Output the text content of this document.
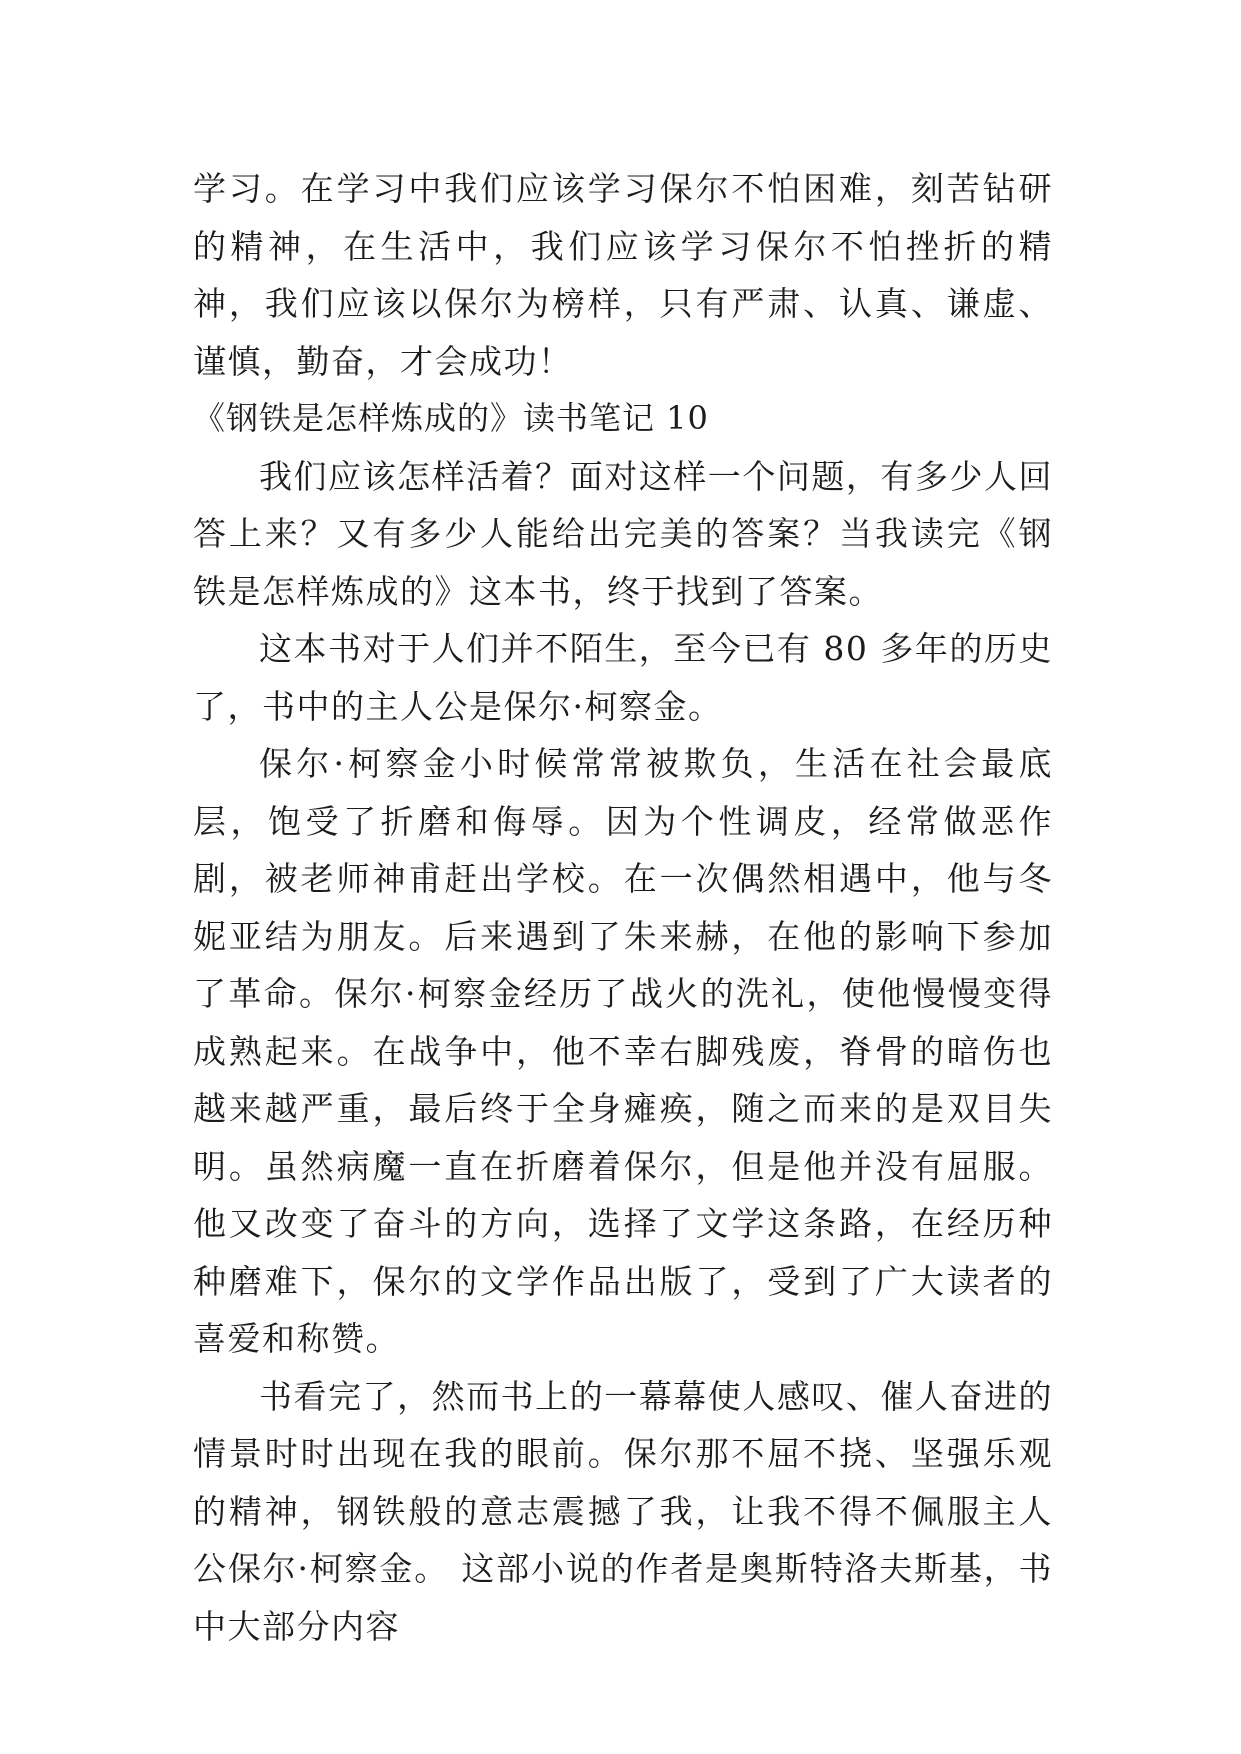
学习。在学习中我们应该学习保尔不怕困难，刻苦钻研的精神，在生活中，我们应该学习保尔不怕挫折的精神，我们应该以保尔为榜样，只有严肃、认真、谦虚、谨慎，勤奋，才会成功！

《钢铁是怎样炼成的》读书笔记 10

我们应该怎样活着？面对这样一个问题，有多少人回答上来？又有多少人能给出完美的答案？当我读完《钢铁是怎样炼成的》这本书，终于找到了答案。

这本书对于人们并不陌生，至今已有 80 多年的历史了，书中的主人公是保尔·柯察金。

保尔·柯察金小时候常常被欺负，生活在社会最底层，饱受了折磨和侮辱。因为个性调皮，经常做恶作剧，被老师神甫赶出学校。在一次偶然相遇中，他与冬妮亚结为朋友。后来遇到了朱来赫，在他的影响下参加了革命。保尔·柯察金经历了战火的洗礼，使他慢慢变得成熟起来。在战争中，他不幸右脚残废，脊骨的暗伤也越来越严重，最后终于全身瘫痪，随之而来的是双目失明。虽然病魔一直在折磨着保尔，但是他并没有屈服。他又改变了奋斗的方向，选择了文学这条路，在经历种种磨难下，保尔的文学作品出版了，受到了广大读者的喜爱和称赞。

书看完了，然而书上的一幕幕使人感叹、催人奋进的情景时时出现在我的眼前。保尔那不屈不挠、坚强乐观的精神，钢铁般的意志震撼了我，让我不得不佩服主人公保尔·柯察金。 这部小说的作者是奥斯特洛夫斯基，书中大部分内容
